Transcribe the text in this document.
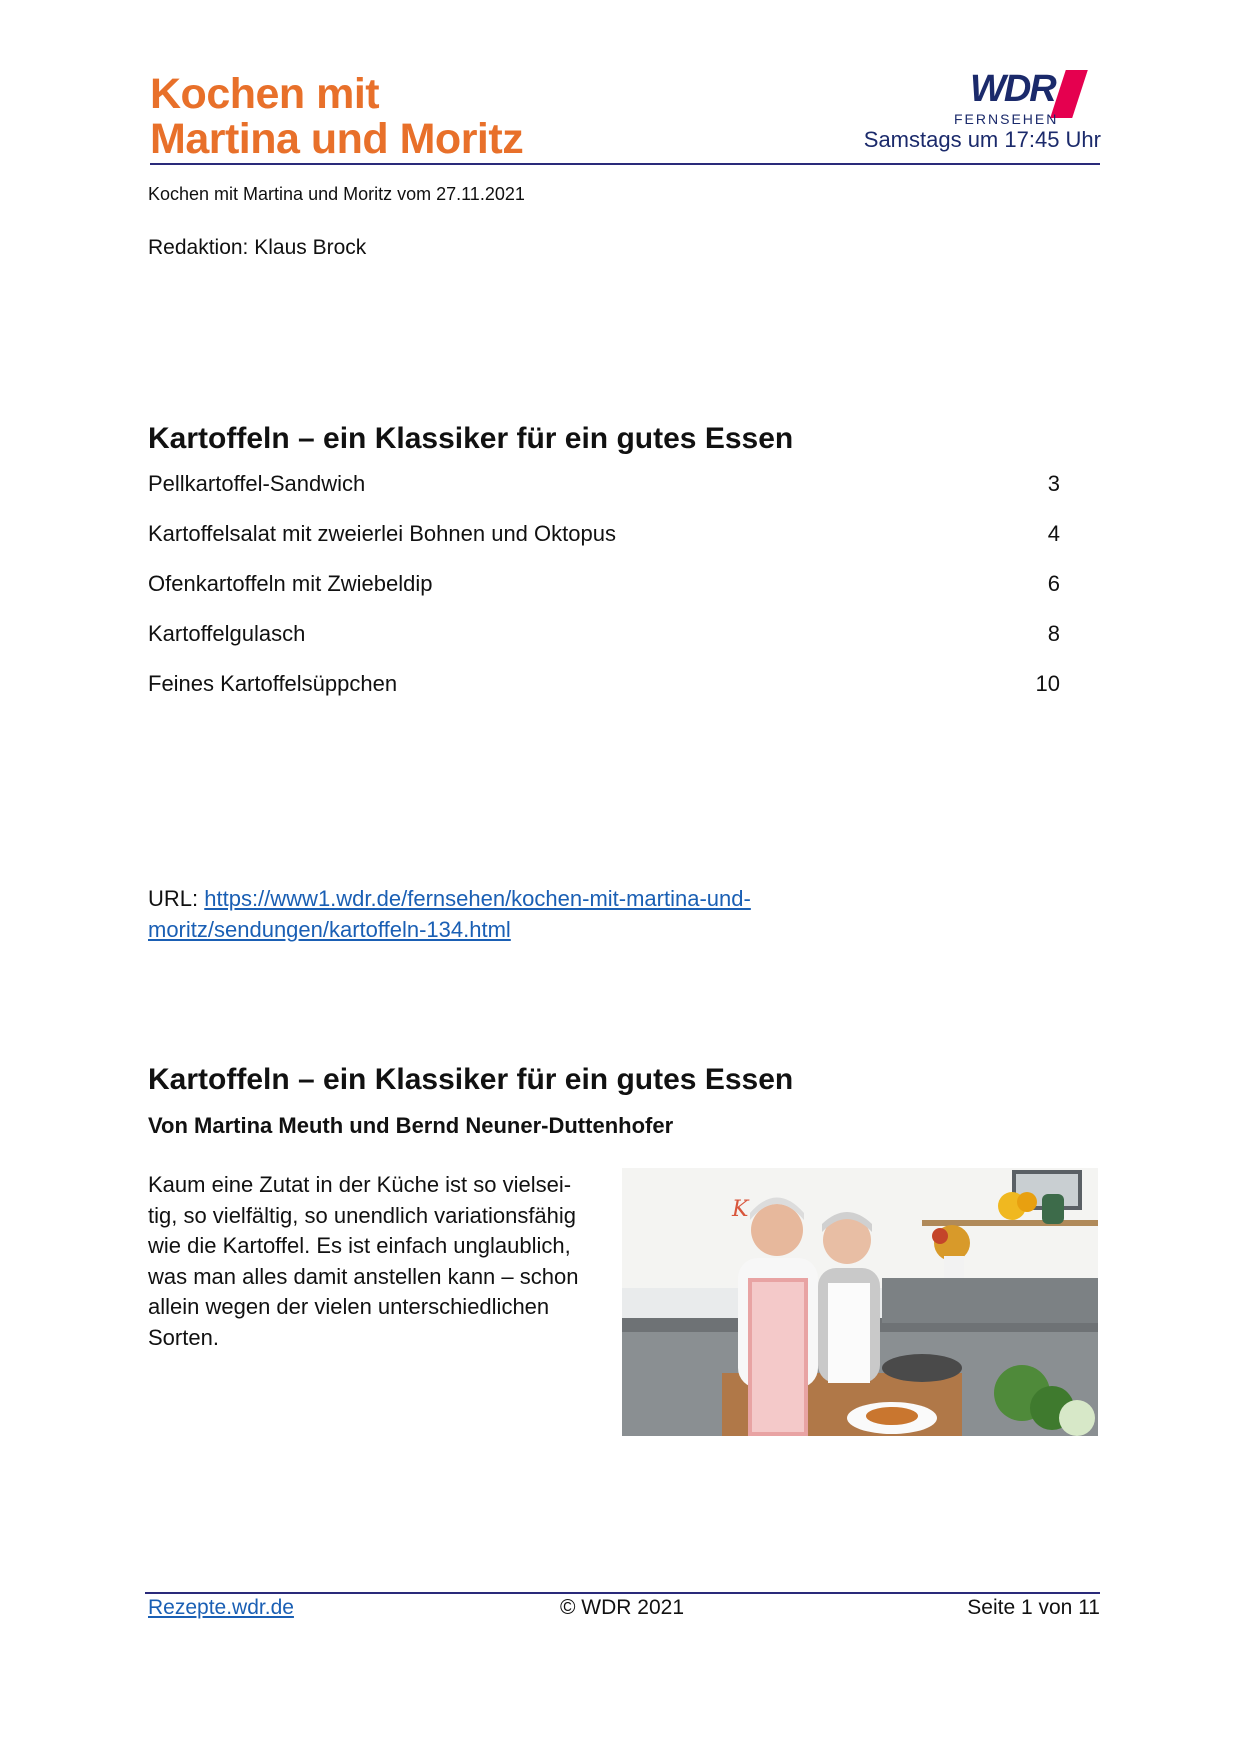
Kochen mit
Martina und Moritz
WDR
FERNSEHEN
Samstags um 17:45 Uhr
Kochen mit Martina und Moritz vom 27.11.2021
Redaktion: Klaus Brock
Kartoffeln – ein Klassiker für ein gutes Essen
Pellkartoffel-Sandwich	3
Kartoffelsalat mit zweierlei Bohnen und Oktopus	4
Ofenkartoffeln mit Zwiebeldip	6
Kartoffelgulasch	8
Feines Kartoffelsüppchen	10
URL: https://www1.wdr.de/fernsehen/kochen-mit-martina-und-
moritz/sendungen/kartoffeln-134.html
Kartoffeln – ein Klassiker für ein gutes Essen
Von Martina Meuth und Bernd Neuner-Duttenhofer
Kaum eine Zutat in der Küche ist so vielsei-
tig, so vielfältig, so unendlich variationsfähig
wie die Kartoffel. Es ist einfach unglaublich,
was man alles damit anstellen kann – schon
allein wegen der vielen unterschiedlichen
Sorten.
K
Rezepte.wdr.de	© WDR 2021	Seite 1 von 11
